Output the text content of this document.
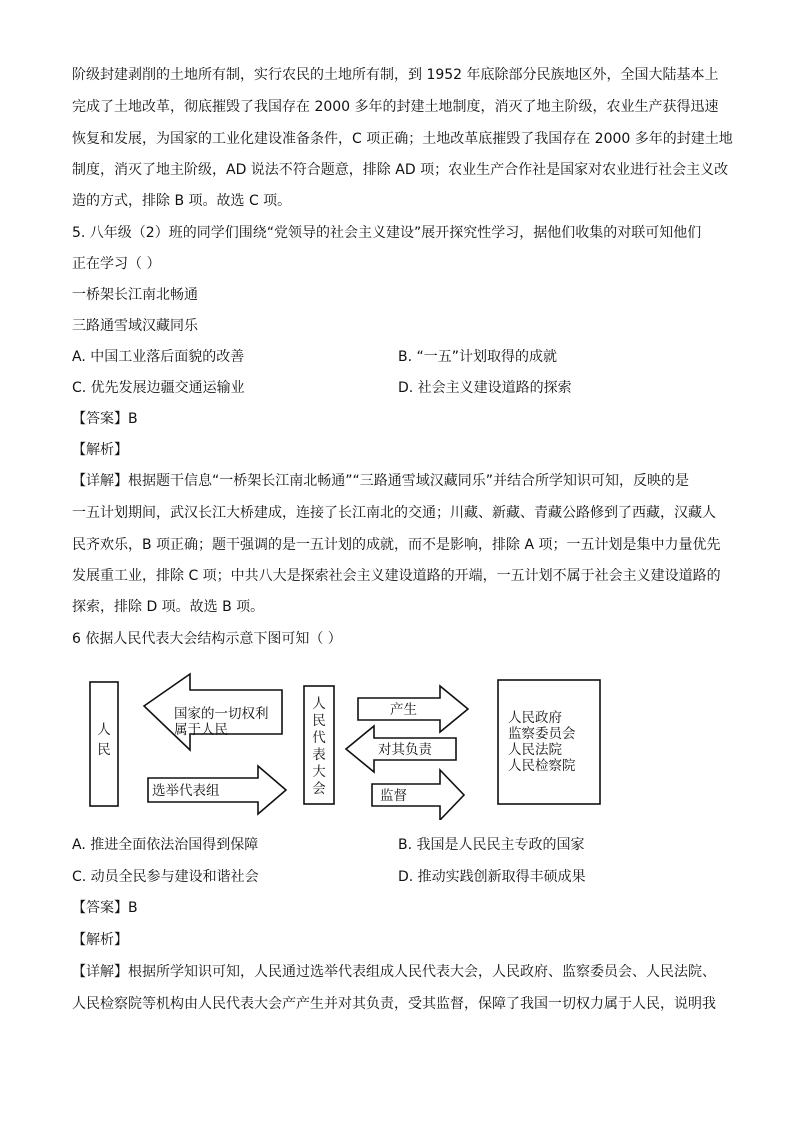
阶级封建剥削的土地所有制，实行农民的土地所有制，到 1952 年底除部分民族地区外，全国大陆基本上
完成了土地改革，彻底摧毁了我国存在 2000 多年的封建土地制度，消灭了地主阶级，农业生产获得迅速
恢复和发展，为国家的工业化建设准备条件，C 项正确；土地改革底摧毁了我国存在 2000 多年的封建土地
制度，消灭了地主阶级，AD 说法不符合题意，排除 AD 项；农业生产合作社是国家对农业进行社会主义改
造的方式，排除 B 项。故选 C 项。
5. 八年级（2）班的同学们围绕“党领导的社会主义建设”展开探究性学习，据他们收集的对联可知他们
正在学习（ ）
一桥架长江南北畅通
三路通雪域汉藏同乐
A. 中国工业落后面貌的改善	B. “一五”计划取得的成就
C. 优先发展边疆交通运输业	D. 社会主义建设道路的探索
【答案】B
【解析】
【详解】根据题干信息“一桥架长江南北畅通”“三路通雪域汉藏同乐”并结合所学知识可知，反映的是
一五计划期间，武汉长江大桥建成，连接了长江南北的交通；川藏、新藏、青藏公路修到了西藏，汉藏人
民齐欢乐，B 项正确；题干强调的是一五计划的成就，而不是影响，排除 A 项；一五计划是集中力量优先
发展重工业，排除 C 项；中共八大是探索社会主义建设道路的开端，一五计划不属于社会主义建设道路的
探索，排除 D 项。故选 B 项。
6 依据人民代表大会结构示意下图可知（ ）
人
民
国家的一切权利
属于人民
选举代表组
人
民
代
表
大
会
产生
对其负责
监督
人民政府
监察委员会
人民法院
人民检察院
A. 推进全面依法治国得到保障	B. 我国是人民民主专政的国家
C. 动员全民参与建设和谐社会	D. 推动实践创新取得丰硕成果
【答案】B
【解析】
【详解】根据所学知识可知，人民通过选举代表组成人民代表大会，人民政府、监察委员会、人民法院、
人民检察院等机构由人民代表大会产产生并对其负责，受其监督，保障了我国一切权力属于人民，说明我
